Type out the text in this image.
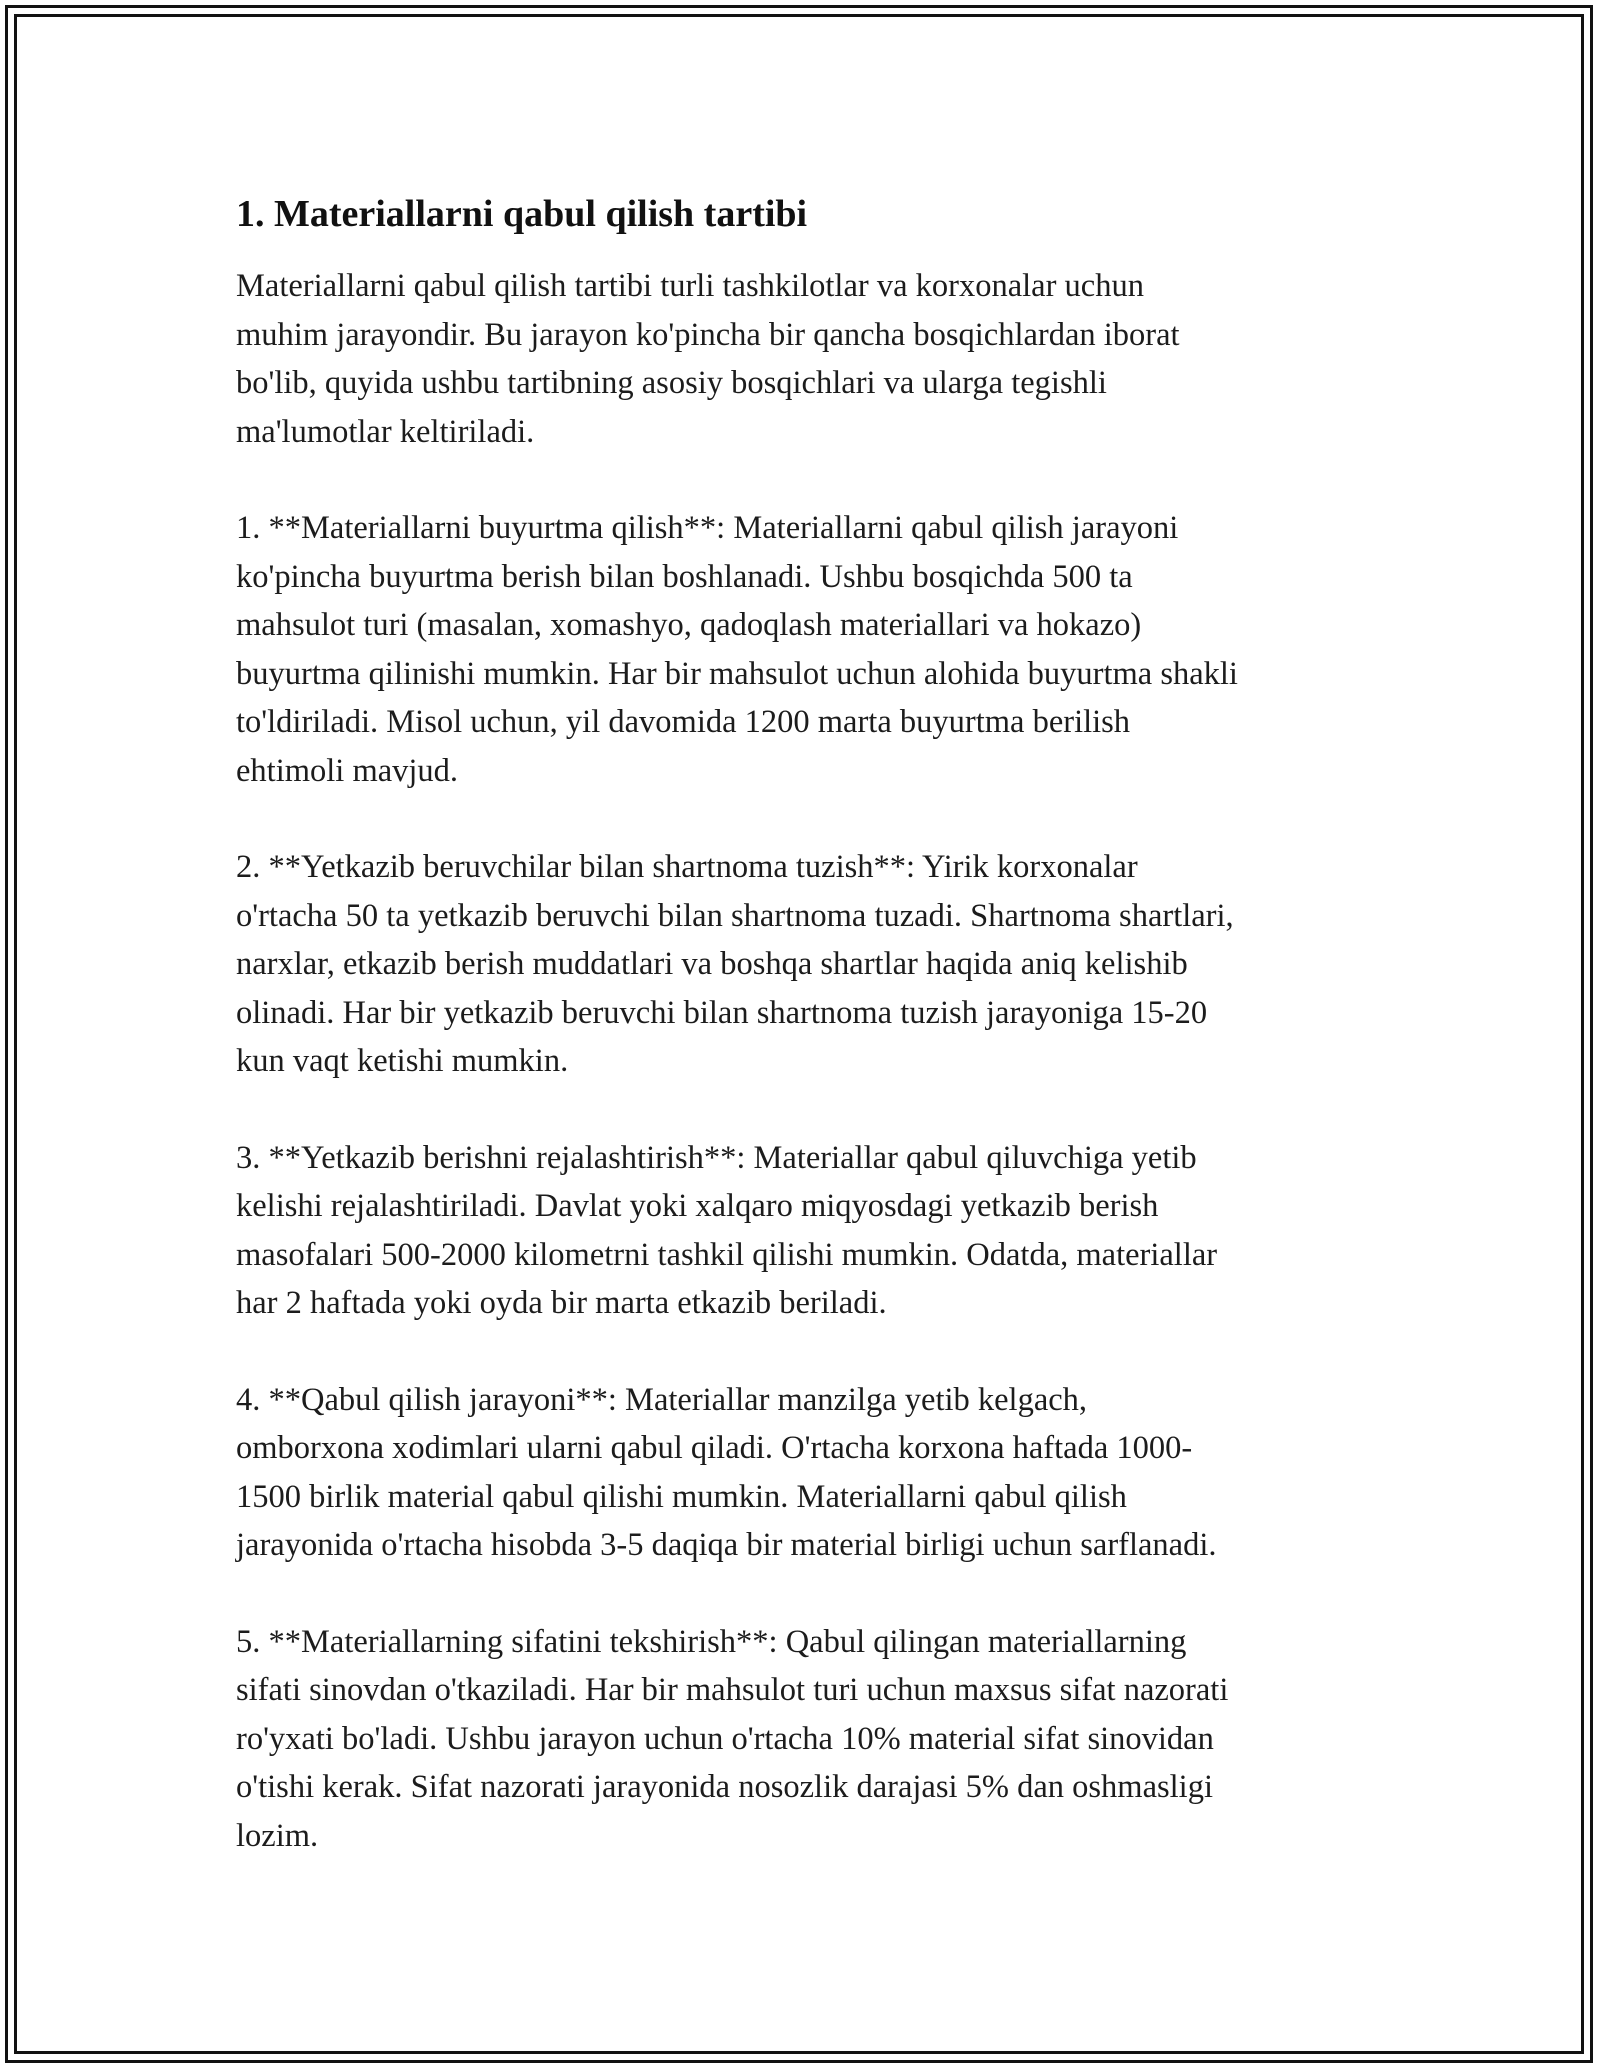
1. Materiallarni qabul qilish tartibi

Materiallarni qabul qilish tartibi turli tashkilotlar va korxonalar uchun
muhim jarayondir. Bu jarayon ko'pincha bir qancha bosqichlardan iborat
bo'lib, quyida ushbu tartibning asosiy bosqichlari va ularga tegishli
ma'lumotlar keltiriladi.

1. **Materiallarni buyurtma qilish**: Materiallarni qabul qilish jarayoni
ko'pincha buyurtma berish bilan boshlanadi. Ushbu bosqichda 500 ta
mahsulot turi (masalan, xomashyo, qadoqlash materiallari va hokazo)
buyurtma qilinishi mumkin. Har bir mahsulot uchun alohida buyurtma shakli
to'ldiriladi. Misol uchun, yil davomida 1200 marta buyurtma berilish
ehtimoli mavjud.

2. **Yetkazib beruvchilar bilan shartnoma tuzish**: Yirik korxonalar
o'rtacha 50 ta yetkazib beruvchi bilan shartnoma tuzadi. Shartnoma shartlari,
narxlar, etkazib berish muddatlari va boshqa shartlar haqida aniq kelishib
olinadi. Har bir yetkazib beruvchi bilan shartnoma tuzish jarayoniga 15-20
kun vaqt ketishi mumkin.

3. **Yetkazib berishni rejalashtirish**: Materiallar qabul qiluvchiga yetib
kelishi rejalashtiriladi. Davlat yoki xalqaro miqyosdagi yetkazib berish
masofalari 500-2000 kilometrni tashkil qilishi mumkin. Odatda, materiallar
har 2 haftada yoki oyda bir marta etkazib beriladi.

4. **Qabul qilish jarayoni**: Materiallar manzilga yetib kelgach,
omborxona xodimlari ularni qabul qiladi. O'rtacha korxona haftada 1000-
1500 birlik material qabul qilishi mumkin. Materiallarni qabul qilish
jarayonida o'rtacha hisobda 3-5 daqiqa bir material birligi uchun sarflanadi.

5. **Materiallarning sifatini tekshirish**: Qabul qilingan materiallarning
sifati sinovdan o'tkaziladi. Har bir mahsulot turi uchun maxsus sifat nazorati
ro'yxati bo'ladi. Ushbu jarayon uchun o'rtacha 10% material sifat sinovidan
o'tishi kerak. Sifat nazorati jarayonida nosozlik darajasi 5% dan oshmasligi
lozim.
